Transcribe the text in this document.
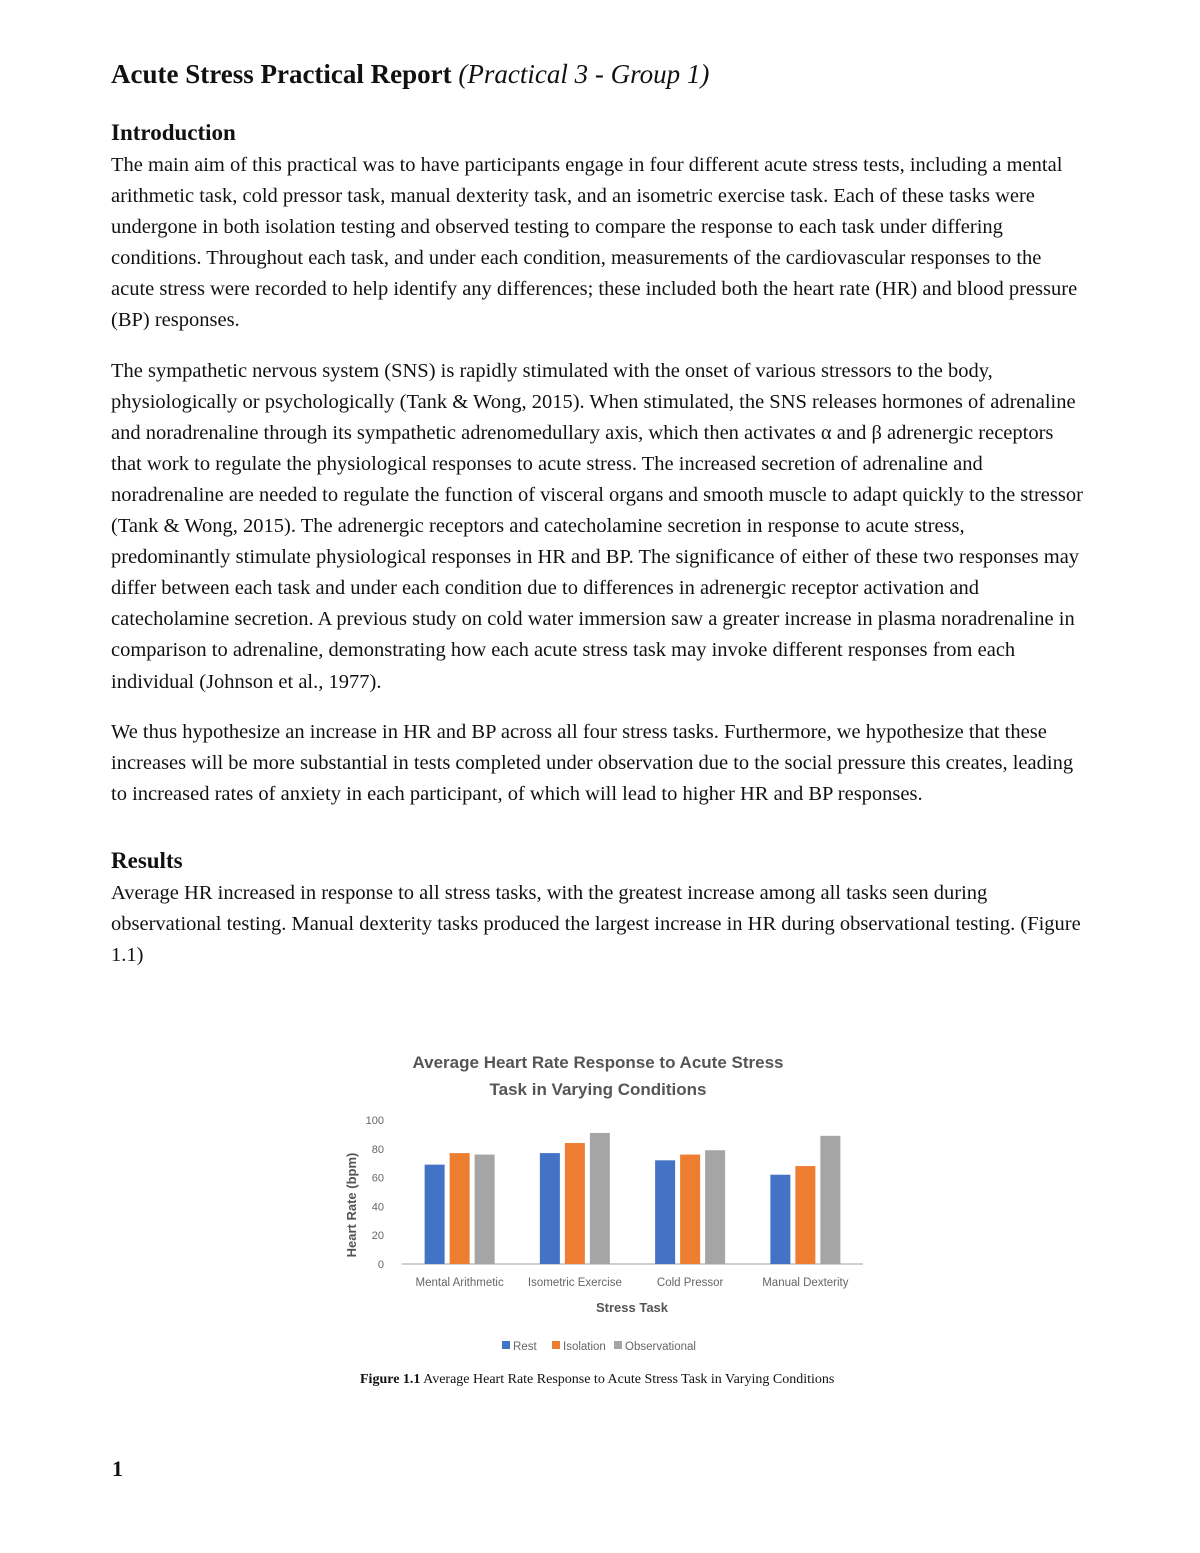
Acute Stress Practical Report (Practical 3 - Group 1)
Introduction

The main aim of this practical was to have participants engage in four different acute stress tests, including a mental arithmetic task, cold pressor task, manual dexterity task, and an isometric exercise task. Each of these tasks were undergone in both isolation testing and observed testing to compare the response to each task under differing conditions. Throughout each task, and under each condition, measurements of the cardiovascular responses to the acute stress were recorded to help identify any differences; these included both the heart rate (HR) and blood pressure (BP) responses.

The sympathetic nervous system (SNS) is rapidly stimulated with the onset of various stressors to the body, physiologically or psychologically (Tank & Wong, 2015). When stimulated, the SNS releases hormones of adrenaline and noradrenaline through its sympathetic adrenomedullary axis, which then activates α and β adrenergic receptors that work to regulate the physiological responses to acute stress. The increased secretion of adrenaline and noradrenaline are needed to regulate the function of visceral organs and smooth muscle to adapt quickly to the stressor (Tank & Wong, 2015). The adrenergic receptors and catecholamine secretion in response to acute stress, predominantly stimulate physiological responses in HR and BP. The significance of either of these two responses may differ between each task and under each condition due to differences in adrenergic receptor activation and catecholamine secretion. A previous study on cold water immersion saw a greater increase in plasma noradrenaline in comparison to adrenaline, demonstrating how each acute stress task may invoke different responses from each individual (Johnson et al., 1977).

We thus hypothesize an increase in HR and BP across all four stress tasks. Furthermore, we hypothesize that these increases will be more substantial in tests completed under observation due to the social pressure this creates, leading to increased rates of anxiety in each participant, of which will lead to higher HR and BP responses.

Results

Average HR increased in response to all stress tasks, with the greatest increase among all tasks seen during observational testing. Manual dexterity tasks produced the largest increase in HR during observational testing. (Figure 1.1)

Average Heart Rate Response to Acute Stress
Task in Varying Conditions
Heart Rate (bpm)
Stress Task
0
20
40
60
80
100
Mental Arithmetic Isometric Exercise	Cold Pressor	Manual Dexterity
Rest Isolation Observational
Figure 1.1 Average Heart Rate Response to Acute Stress Task in Varying Conditions
1
